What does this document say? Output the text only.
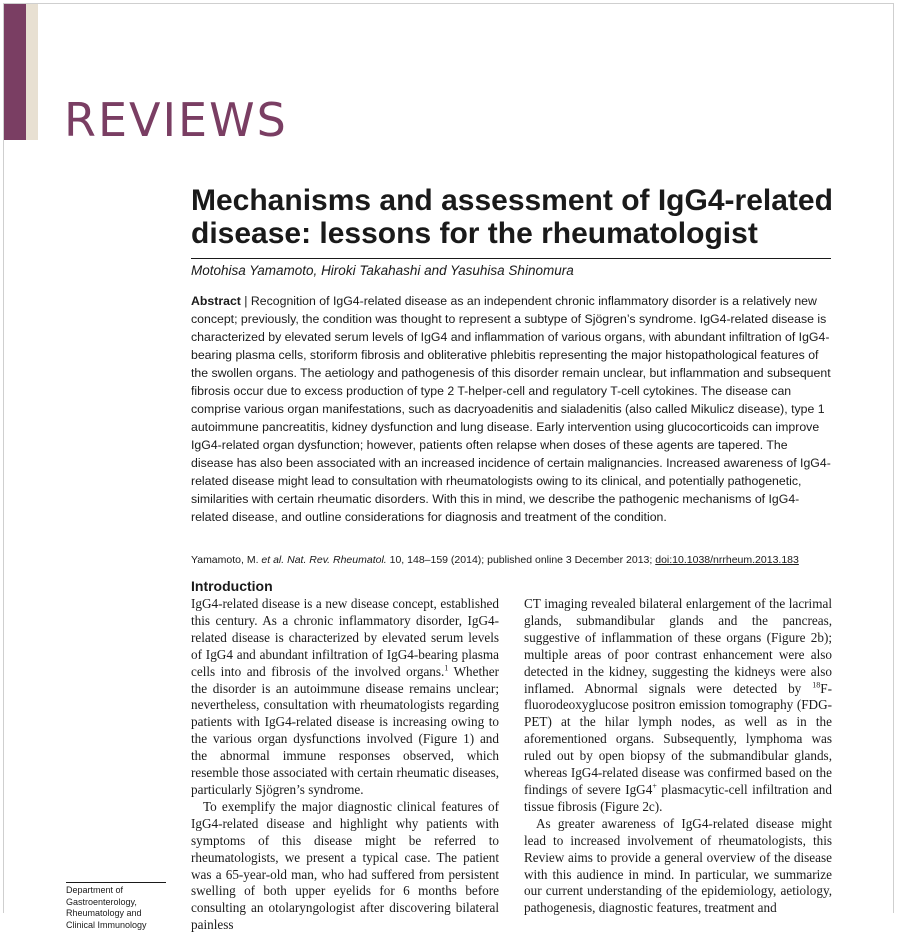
REVIEWS
Mechanisms and assessment of IgG4-related disease: lessons for the rheumatologist
Motohisa Yamamoto, Hiroki Takahashi and Yasuhisa Shinomura

Abstract | Recognition of IgG4-related disease as an independent chronic inflammatory disorder is a relatively new concept; previously, the condition was thought to represent a subtype of Sjögren’s syndrome. IgG4-related disease is characterized by elevated serum levels of IgG4 and inflammation of various organs, with abundant infiltration of IgG4-bearing plasma cells, storiform fibrosis and obliterative phlebitis representing the major histopathological features of the swollen organs. The aetiology and pathogenesis of this disorder remain unclear, but inflammation and subsequent fibrosis occur due to excess production of type 2 T-helper-cell and regulatory T-cell cytokines. The disease can comprise various organ manifestations, such as dacryoadenitis and sialadenitis (also called Mikulicz disease), type 1 autoimmune pancreatitis, kidney dysfunction and lung disease. Early intervention using glucocorticoids can improve IgG4-related organ dysfunction; however, patients often relapse when doses of these agents are tapered. The disease has also been associated with an increased incidence of certain malignancies. Increased awareness of IgG4-related disease might lead to consultation with rheumatologists owing to its clinical, and potentially pathogenetic, similarities with certain rheumatic disorders. With this in mind, we describe the pathogenic mechanisms of IgG4-related disease, and outline considerations for diagnosis and treatment of the condition.

Yamamoto, M. et al. Nat. Rev. Rheumatol. 10, 148–159 (2014); published online 3 December 2013; doi:10.1038/nrrheum.2013.183
Introduction

IgG4-related disease is a new disease concept, established this century. As a chronic inflammatory disorder, IgG4-related disease is characterized by elevated serum levels of IgG4 and abundant infiltration of IgG4-bearing plasma cells into and fibrosis of the involved organs.$^1$ Whether the disorder is an autoimmune disease remains unclear; nevertheless, consultation with rheumatologists regarding patients with IgG4-related disease is increasing owing to the various organ dysfunctions involved (Figure 1) and the abnormal immune responses observed, which resemble those associated with certain rheumatic diseases, particularly Sjögren’s syndrome.

To exemplify the major diagnostic clinical features of IgG4-related disease and highlight why patients with symptoms of this disease might be referred to rheumatologists, we present a typical case. The patient was a 65-year-old man, who had suffered from persistent swelling of both upper eyelids for 6 months before consulting an otolaryngologist after discovering bilateral painless

CT imaging revealed bilateral enlargement of the lacrimal glands, submandibular glands and the pancreas, suggestive of inflammation of these organs (Figure 2b); multiple areas of poor contrast enhancement were also detected in the kidney, suggesting the kidneys were also inflamed. Abnormal signals were detected by $^{18}$F-fluorodeoxyglucose positron emission tomography (FDG-PET) at the hilar lymph nodes, as well as in the aforementioned organs. Subsequently, lymphoma was ruled out by open biopsy of the submandibular glands, whereas IgG4-related disease was confirmed based on the findings of severe IgG4+ plasmacytic-cell infiltration and tissue fibrosis (Figure 2c).

As greater awareness of IgG4-related disease might lead to increased involvement of rheumatologists, this Review aims to provide a general overview of the disease with this audience in mind. In particular, we summarize our current understanding of the epidemiology, aetiology, pathogenesis, diagnostic features, treatment and

Department of Gastroenterology, Rheumatology and Clinical Immunology
